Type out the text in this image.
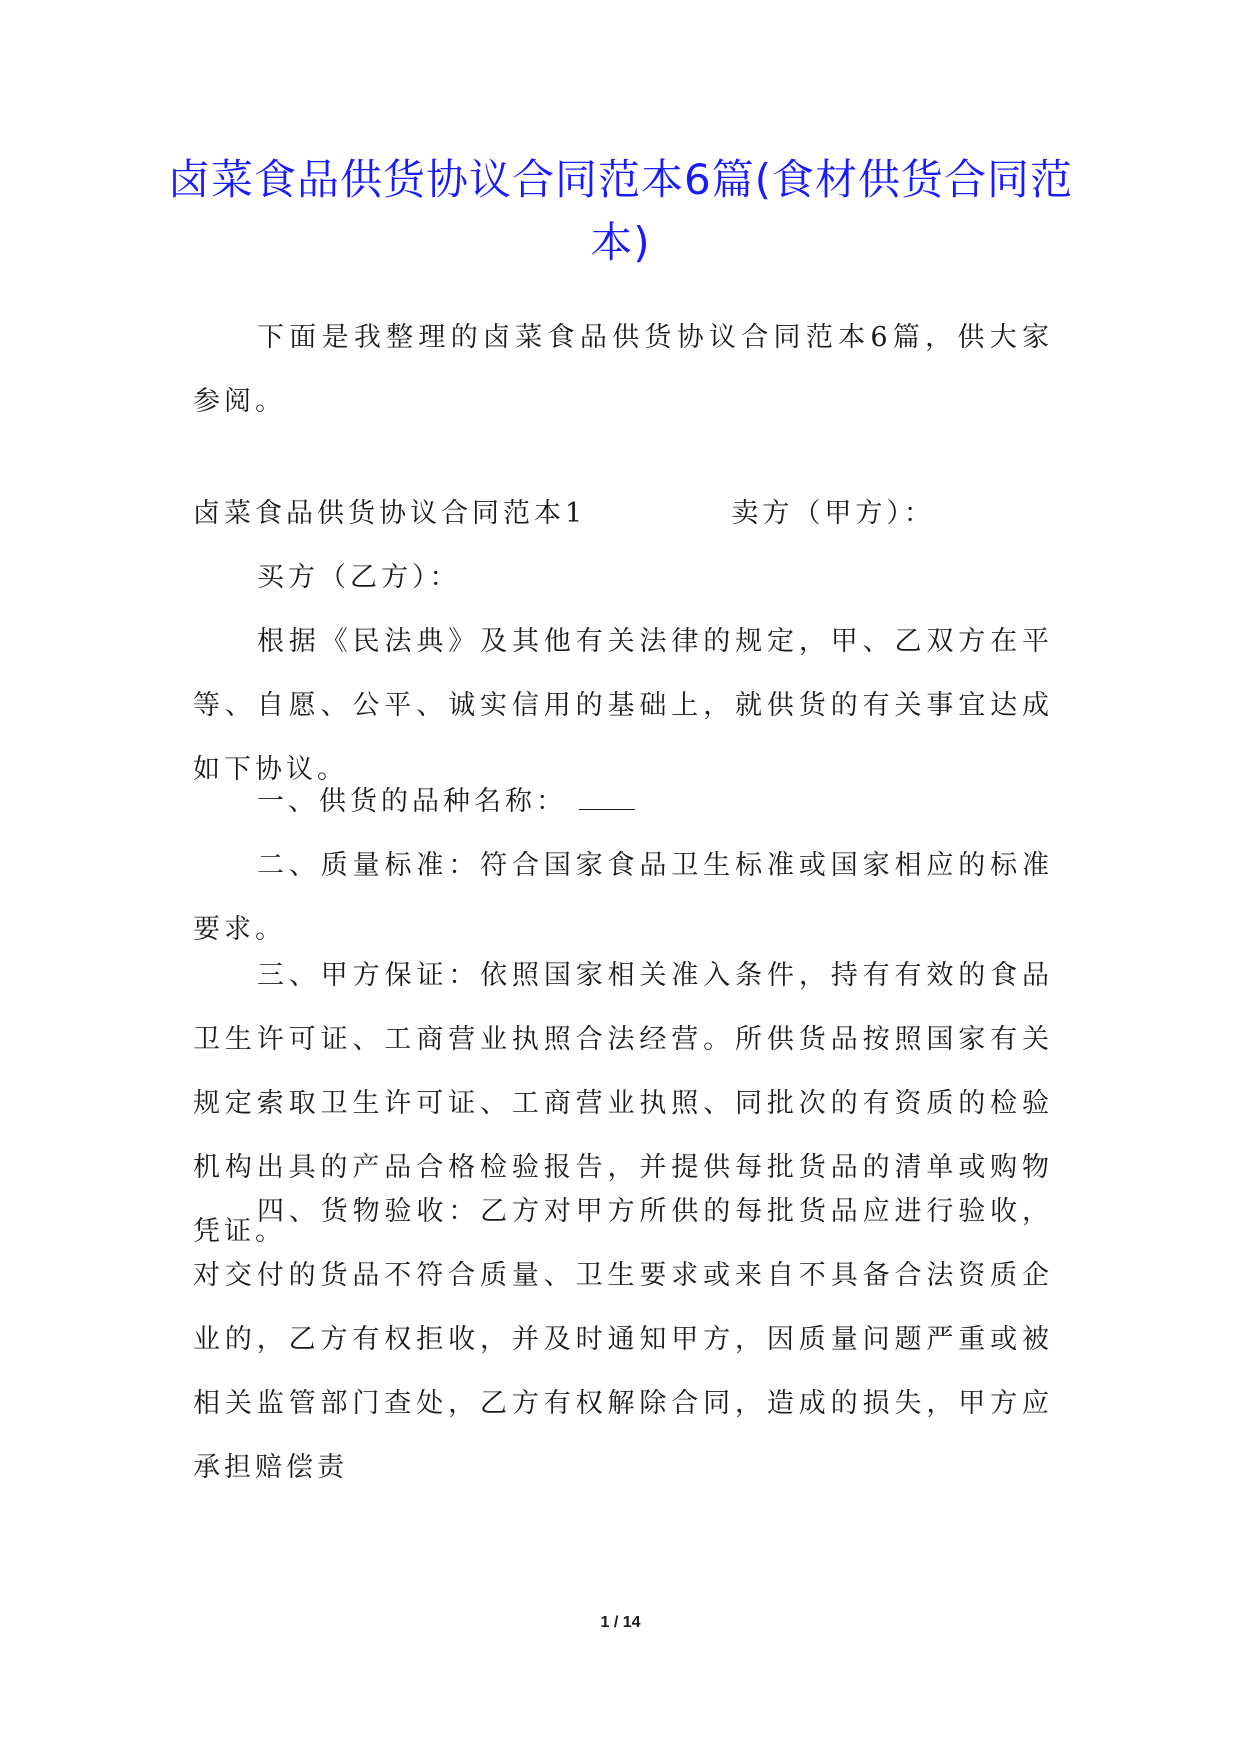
卤菜食品供货协议合同范本6篇(食材供货合同范本)

下面是我整理的卤菜食品供货协议合同范本6篇，供大家参阅。

卤菜食品供货协议合同范本1	卖方（甲方）：

买方（乙方）：

根据《民法典》及其他有关法律的规定，甲、乙双方在平等、自愿、公平、诚实信用的基础上，就供货的有关事宜达成如下协议。

一、供货的品种名称：

二、质量标准：符合国家食品卫生标准或国家相应的标准要求。

三、甲方保证：依照国家相关准入条件，持有有效的食品卫生许可证、工商营业执照合法经营。所供货品按照国家有关规定索取卫生许可证、工商营业执照、同批次的有资质的检验机构出具的产品合格检验报告，并提供每批货品的清单或购物凭证。

四、货物验收：乙方对甲方所供的每批货品应进行验收，对交付的货品不符合质量、卫生要求或来自不具备合法资质企业的，乙方有权拒收，并及时通知甲方，因质量问题严重或被相关监管部门查处，乙方有权解除合同，造成的损失，甲方应承担赔偿责

1 / 14
